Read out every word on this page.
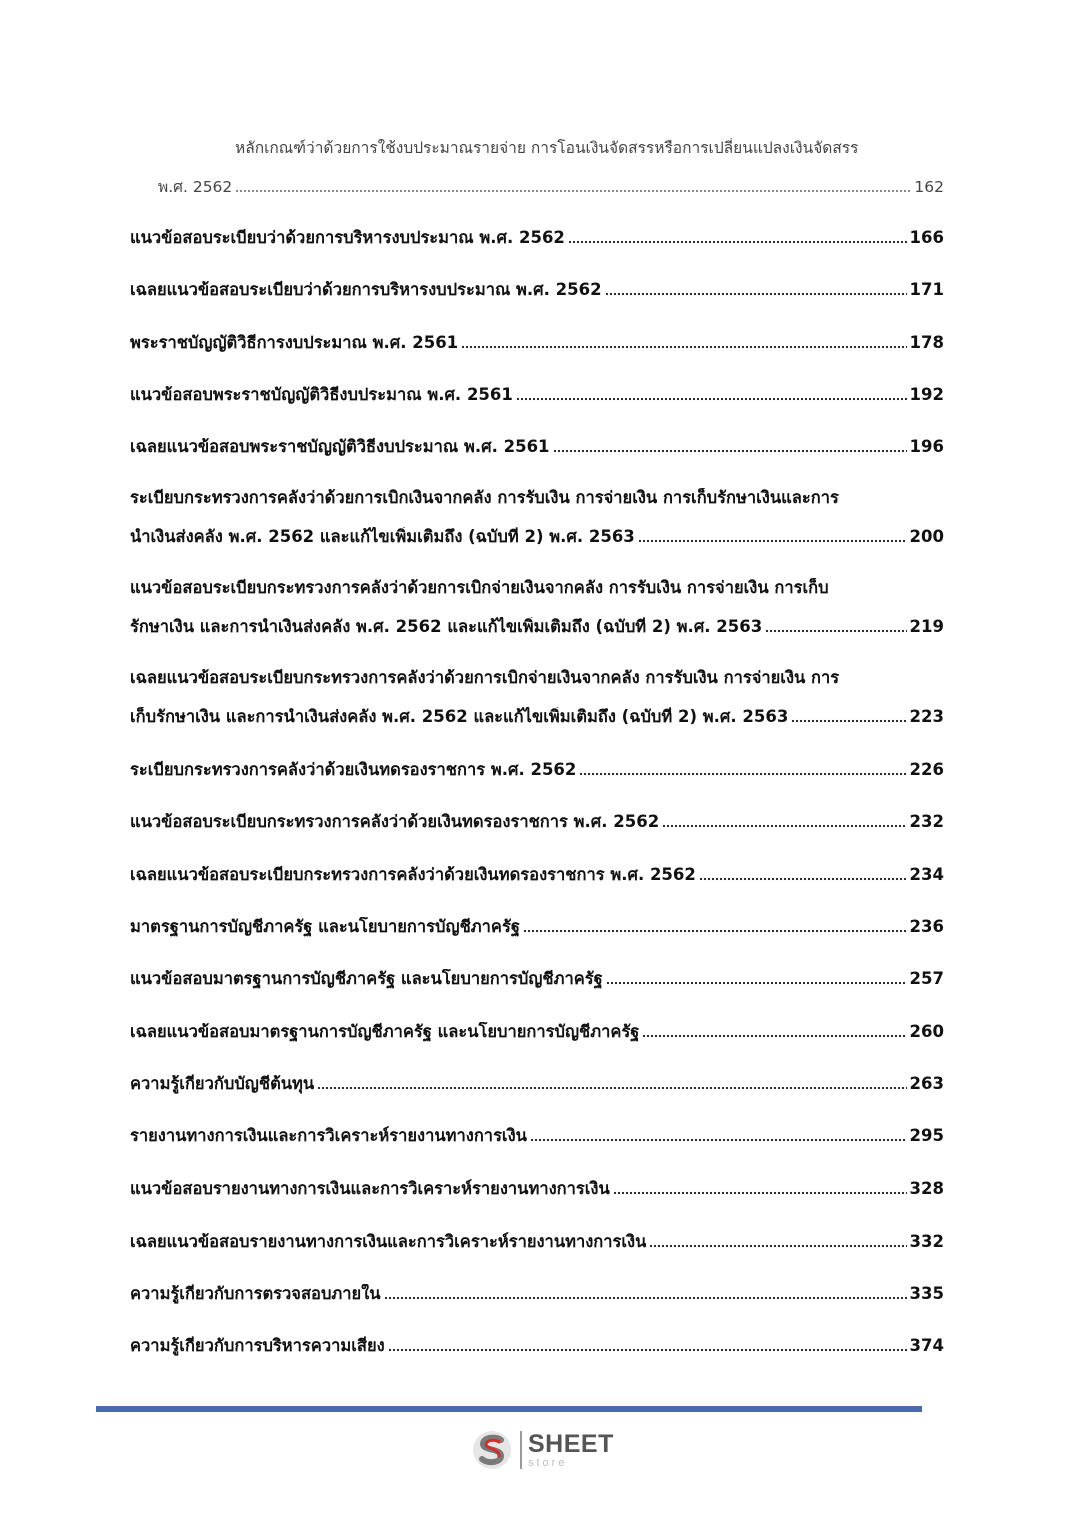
หลักเกณฑ์ว่าด้วยการใช้งบประมาณรายจ่าย การโอนเงินจัดสรรหรือการเปลี่ยนแปลงเงินจัดสรร
พ.ศ. 2562	162
แนวข้อสอบระเบียบว่าด้วยการบริหารงบประมาณ พ.ศ. 2562	166
เฉลยแนวข้อสอบระเบียบว่าด้วยการบริหารงบประมาณ พ.ศ. 2562	171
พระราชบัญญัติวิธีการงบประมาณ พ.ศ. 2561	178
แนวข้อสอบพระราชบัญญัติวิธีงบประมาณ พ.ศ. 2561	192
เฉลยแนวข้อสอบพระราชบัญญัติวิธีงบประมาณ พ.ศ. 2561	196
ระเบียบกระทรวงการคลังว่าด้วยการเบิกเงินจากคลัง การรับเงิน การจ่ายเงิน การเก็บรักษาเงินและการ
นำเงินส่งคลัง พ.ศ. 2562 และแก้ไขเพิ่มเติมถึง (ฉบับที่ 2) พ.ศ. 2563	200
แนวข้อสอบระเบียบกระทรวงการคลังว่าด้วยการเบิกจ่ายเงินจากคลัง การรับเงิน การจ่ายเงิน การเก็บ
รักษาเงิน และการนำเงินส่งคลัง พ.ศ. 2562 และแก้ไขเพิ่มเติมถึง (ฉบับที่ 2) พ.ศ. 2563	219
เฉลยแนวข้อสอบระเบียบกระทรวงการคลังว่าด้วยการเบิกจ่ายเงินจากคลัง การรับเงิน การจ่ายเงิน การ
เก็บรักษาเงิน และการนำเงินส่งคลัง พ.ศ. 2562 และแก้ไขเพิ่มเติมถึง (ฉบับที่ 2) พ.ศ. 2563	223
ระเบียบกระทรวงการคลังว่าด้วยเงินทดรองราชการ พ.ศ. 2562	226
แนวข้อสอบระเบียบกระทรวงการคลังว่าด้วยเงินทดรองราชการ พ.ศ. 2562	232
เฉลยแนวข้อสอบระเบียบกระทรวงการคลังว่าด้วยเงินทดรองราชการ พ.ศ. 2562	234
มาตรฐานการบัญชีภาครัฐ และนโยบายการบัญชีภาครัฐ	236
แนวข้อสอบมาตรฐานการบัญชีภาครัฐ และนโยบายการบัญชีภาครัฐ	257
เฉลยแนวข้อสอบมาตรฐานการบัญชีภาครัฐ และนโยบายการบัญชีภาครัฐ	260
ความรู้เกี่ยวกับบัญชีต้นทุน	263
รายงานทางการเงินและการวิเคราะห์รายงานทางการเงิน	295
แนวข้อสอบรายงานทางการเงินและการวิเคราะห์รายงานทางการเงิน	328
เฉลยแนวข้อสอบรายงานทางการเงินและการวิเคราะห์รายงานทางการเงิน	332
ความรู้เกี่ยวกับการตรวจสอบภายใน	335
ความรู้เกี่ยวกับการบริหารความเสี่ยง	374
SHEET
store
